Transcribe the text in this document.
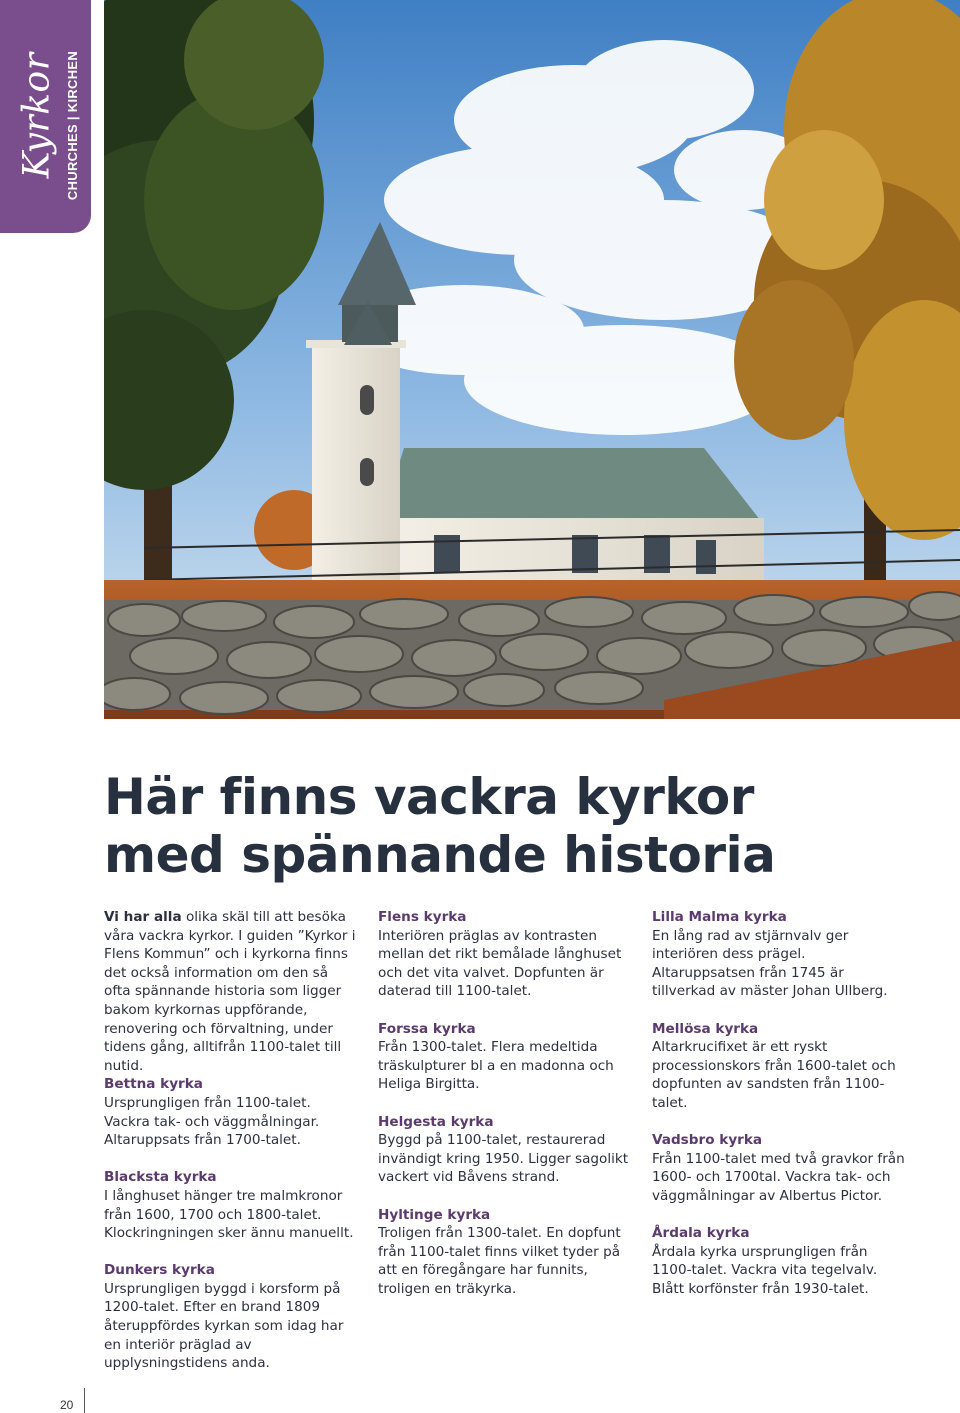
Kyrkor CHURCHES | KIRCHEN
Här finns vackra kyrkor
med spännande historia

Vi har alla olika skäl till att besöka våra vackra kyrkor. I guiden ”Kyrkor i Flens Kommun” och i kyrkorna finns det också information om den så ofta spännande historia som ligger bakom kyrkornas uppförande, renovering och förvaltning, under tidens gång, alltifrån 1100-talet till nutid.

Bettna kyrka

Ursprungligen från 1100-talet. Vackra tak- och väggmålningar. Altaruppsats från 1700-talet.

Blacksta kyrka

I långhuset hänger tre malmkronor från 1600, 1700 och 1800-talet. Klockringningen sker ännu manuellt.

Dunkers kyrka

Ursprungligen byggd i korsform på 1200-talet. Efter en brand 1809 återuppfördes kyrkan som idag har en interiör präglad av upplysningstidens anda.

Flens kyrka

Interiören präglas av kontrasten mellan det rikt bemålade långhuset och det vita valvet. Dopfunten är daterad till 1100-talet.

Forssa kyrka

Från 1300-talet. Flera medeltida träskulpturer bl a en madonna och Heliga Birgitta.

Helgesta kyrka

Byggd på 1100-talet, restaurerad invändigt kring 1950. Ligger sagolikt vackert vid Båvens strand.

Hyltinge kyrka

Troligen från 1300-talet. En dopfunt från 1100-talet finns vilket tyder på att en föregångare har funnits, troligen en träkyrka.

Lilla Malma kyrka

En lång rad av stjärnvalv ger interiören dess prägel. Altaruppsatsen från 1745 är tillverkad av mäster Johan Ullberg.

Mellösa kyrka

Altarkrucifixet är ett ryskt processionskors från 1600-talet och dopfunten av sandsten från 1100-talet.

Vadsbro kyrka

Från 1100-talet med två gravkor från 1600- och 1700tal. Vackra tak- och väggmålningar av Albertus Pictor.

Årdala kyrka

Årdala kyrka ursprungligen från 1100-talet. Vackra vita tegelvalv. Blått korfönster från 1930-talet.

20
